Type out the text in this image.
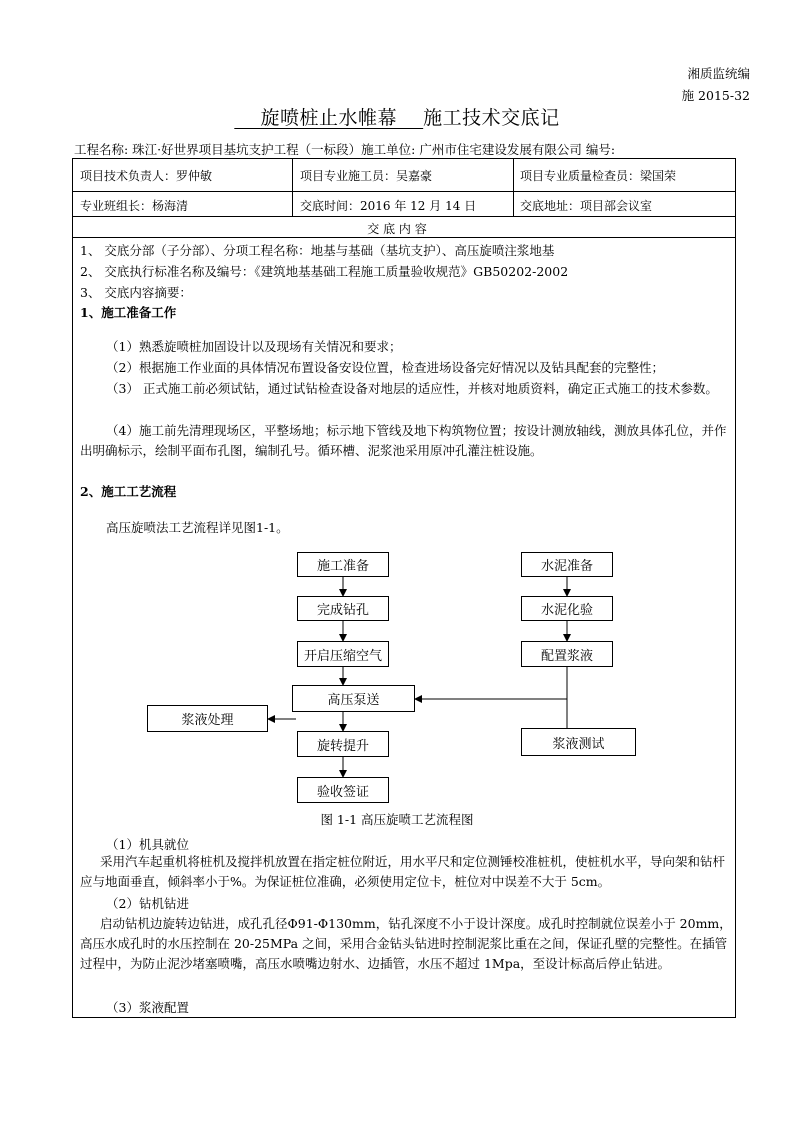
湘质监统编
施 2015-32
旋喷桩止水帷幕 施工技术交底记
工程名称: 珠江·好世界项目基坑支护工程（一标段）施工单位: 广州市住宅建设发展有限公司 编号:
项目技术负责人：罗仲敏	项目专业施工员：吴嘉豪	项目专业质量检查员：梁国荣
专业班组长：杨海清	交底时间：2016 年 12 月 14 日	交底地址：项目部会议室
交 底 内 容
1、 交底分部（子分部）、分项工程名称：地基与基础（基坑支护）、高压旋喷注浆地基
2、 交底执行标准名称及编号：《建筑地基基础工程施工质量验收规范》GB50202-2002
3、 交底内容摘要：
1、施工准备工作
（1）熟悉旋喷桩加固设计以及现场有关情况和要求；
（2）根据施工作业面的具体情况布置设备安设位置，检查进场设备完好情况以及钻具配套的完整性；
（3） 正式施工前必须试钻，通过试钻检查设备对地层的适应性，并核对地质资料，确定正式施工的技术参数。
（4）施工前先清理现场区，平整场地；标示地下管线及地下构筑物位置；按设计测放轴线，测放具体孔位，并作出明确标示，绘制平面布孔图，编制孔号。循环槽、泥浆池采用原冲孔灌注桩设施。
2、施工工艺流程
高压旋喷法工艺流程详见图1-1。
施工准备
完成钻孔
开启压缩空气
高压泵送
旋转提升
验收签证
水泥准备
水泥化验
配置浆液
浆液测试
浆液处理
图 1-1 高压旋喷工艺流程图
（1）机具就位
采用汽车起重机将桩机及搅拌机放置在指定桩位附近，用水平尺和定位测锤校准桩机，使桩机水平，导向架和钻杆应与地面垂直，倾斜率小于%。为保证桩位准确，必须使用定位卡，桩位对中误差不大于 5cm。
（2）钻机钻进
启动钻机边旋转边钻进，成孔孔径Φ91-Φ130mm，钻孔深度不小于设计深度。成孔时控制就位误差小于 20mm，高压水成孔时的水压控制在 20-25MPa 之间，采用合金钻头钻进时控制泥浆比重在之间，保证孔壁的完整性。在插管过程中，为防止泥沙堵塞喷嘴，高压水喷嘴边射水、边插管，水压不超过 1Mpa，至设计标高后停止钻进。
（3）浆液配置
